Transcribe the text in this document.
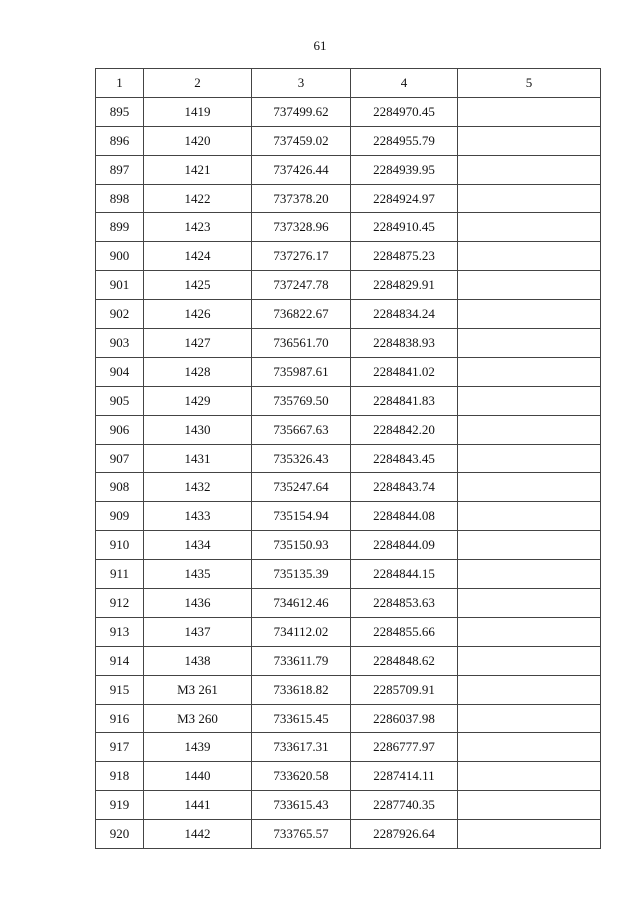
61
1	2	3	4	5
895	1419	737499.62	2284970.45	
896	1420	737459.02	2284955.79	
897	1421	737426.44	2284939.95	
898	1422	737378.20	2284924.97	
899	1423	737328.96	2284910.45	
900	1424	737276.17	2284875.23	
901	1425	737247.78	2284829.91	
902	1426	736822.67	2284834.24	
903	1427	736561.70	2284838.93	
904	1428	735987.61	2284841.02	
905	1429	735769.50	2284841.83	
906	1430	735667.63	2284842.20	
907	1431	735326.43	2284843.45	
908	1432	735247.64	2284843.74	
909	1433	735154.94	2284844.08	
910	1434	735150.93	2284844.09	
911	1435	735135.39	2284844.15	
912	1436	734612.46	2284853.63	
913	1437	734112.02	2284855.66	
914	1438	733611.79	2284848.62	
915	МЗ 261	733618.82	2285709.91	
916	МЗ 260	733615.45	2286037.98	
917	1439	733617.31	2286777.97	
918	1440	733620.58	2287414.11	
919	1441	733615.43	2287740.35	
920	1442	733765.57	2287926.64	
